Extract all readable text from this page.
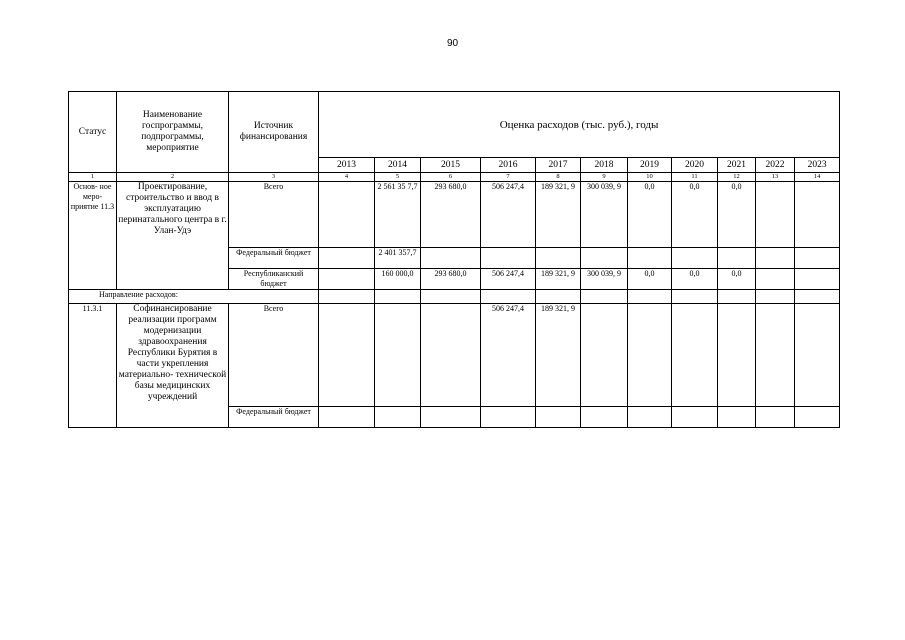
90
Статус	Наименование госпрограммы, подпрограммы, мероприятие	Источник финансирования	Оценка расходов (тыс. руб.), годы										
			2013	2014	2015	2016	2017	2018	2019	2020	2021	2022	2023
1	2	3	4	5	6	7	8	9	10	11	12	13	14
Основ- ное меро- приятие 11.3	Проектирование, строительство и ввод в эксплуатацию перинатального центра в г. Улан-Удэ	Всего		2 561 35 7,7	293 680,0	506 247,4	189 321, 9	300 039, 9	0,0	0,0	0,0		
		Федеральный бюджет		2 401 357,7									
		Республиканский бюджет		160 000,0	293 680,0	506 247,4	189 321, 9	300 039, 9	0,0	0,0	0,0		
Направление расходов:													
11.3.1	Софинансирование реализации программ модернизации здравоохранения Республики Бурятия в части укрепления материально- технической базы медицинских учреждений	Всего				506 247,4	189 321, 9						
		Федеральный бюджет											
